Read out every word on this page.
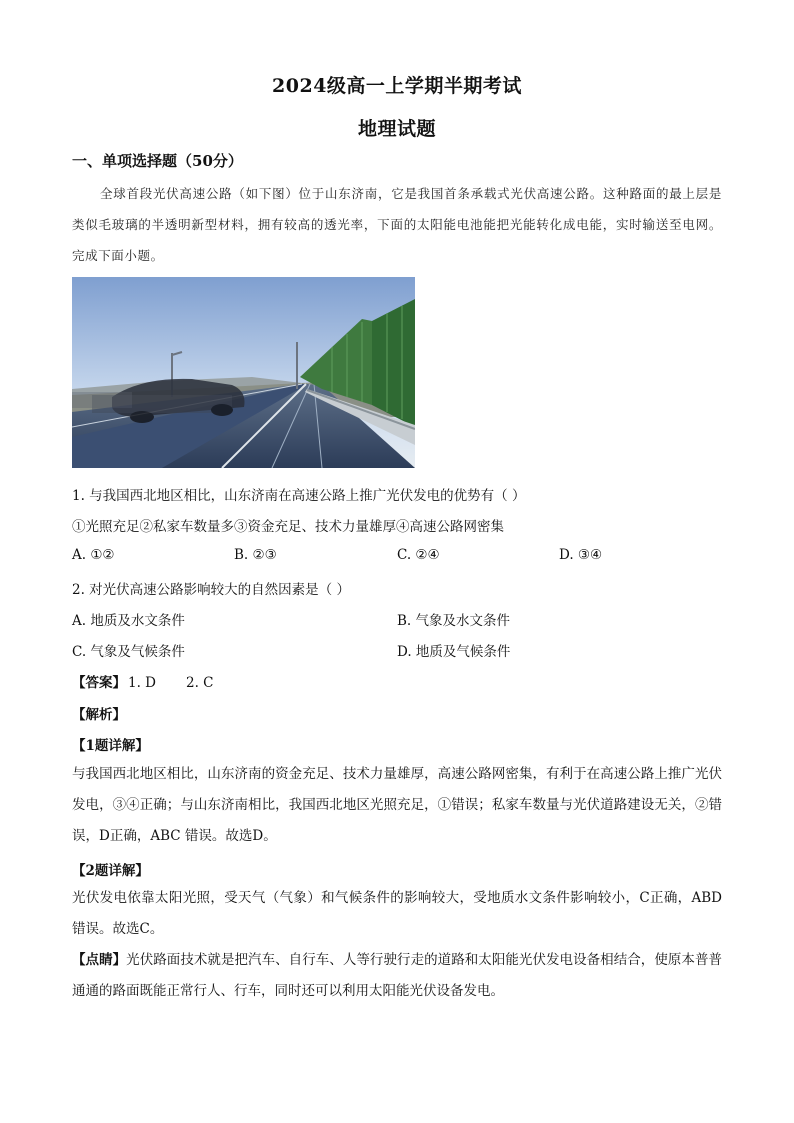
2024级高一上学期半期考试
地理试题
一、单项选择题（50分）
全球首段光伏高速公路（如下图）位于山东济南，它是我国首条承载式光伏高速公路。这种路面的最上层是类似毛玻璃的半透明新型材料，拥有较高的透光率，下面的太阳能电池能把光能转化成电能，实时输送至电网。完成下面小题。
1. 与我国西北地区相比，山东济南在高速公路上推广光伏发电的优势有（ ）
①光照充足②私家车数量多③资金充足、技术力量雄厚④高速公路网密集
A. ①②	B. ②③	C. ②④	D. ③④
2. 对光伏高速公路影响较大的自然因素是（ ）
A. 地质及水文条件	B. 气象及水文条件
C. 气象及气候条件	D. 地质及气候条件
【答案】 1. D 2. C
【解析】
【1题详解】
与我国西北地区相比，山东济南的资金充足、技术力量雄厚，高速公路网密集，有利于在高速公路上推广光伏发电，③④正确；与山东济南相比，我国西北地区光照充足，①错误；私家车数量与光伏道路建设无关，②错误，D正确，ABC 错误。故选D。
【2题详解】
光伏发电依靠太阳光照，受天气（气象）和气候条件的影响较大，受地质水文条件影响较小，C正确，ABD 错误。故选C。
【点睛】光伏路面技术就是把汽车、自行车、人等行驶行走的道路和太阳能光伏发电设备相结合，使原本普普通通的路面既能正常行人、行车，同时还可以利用太阳能光伏设备发电。
